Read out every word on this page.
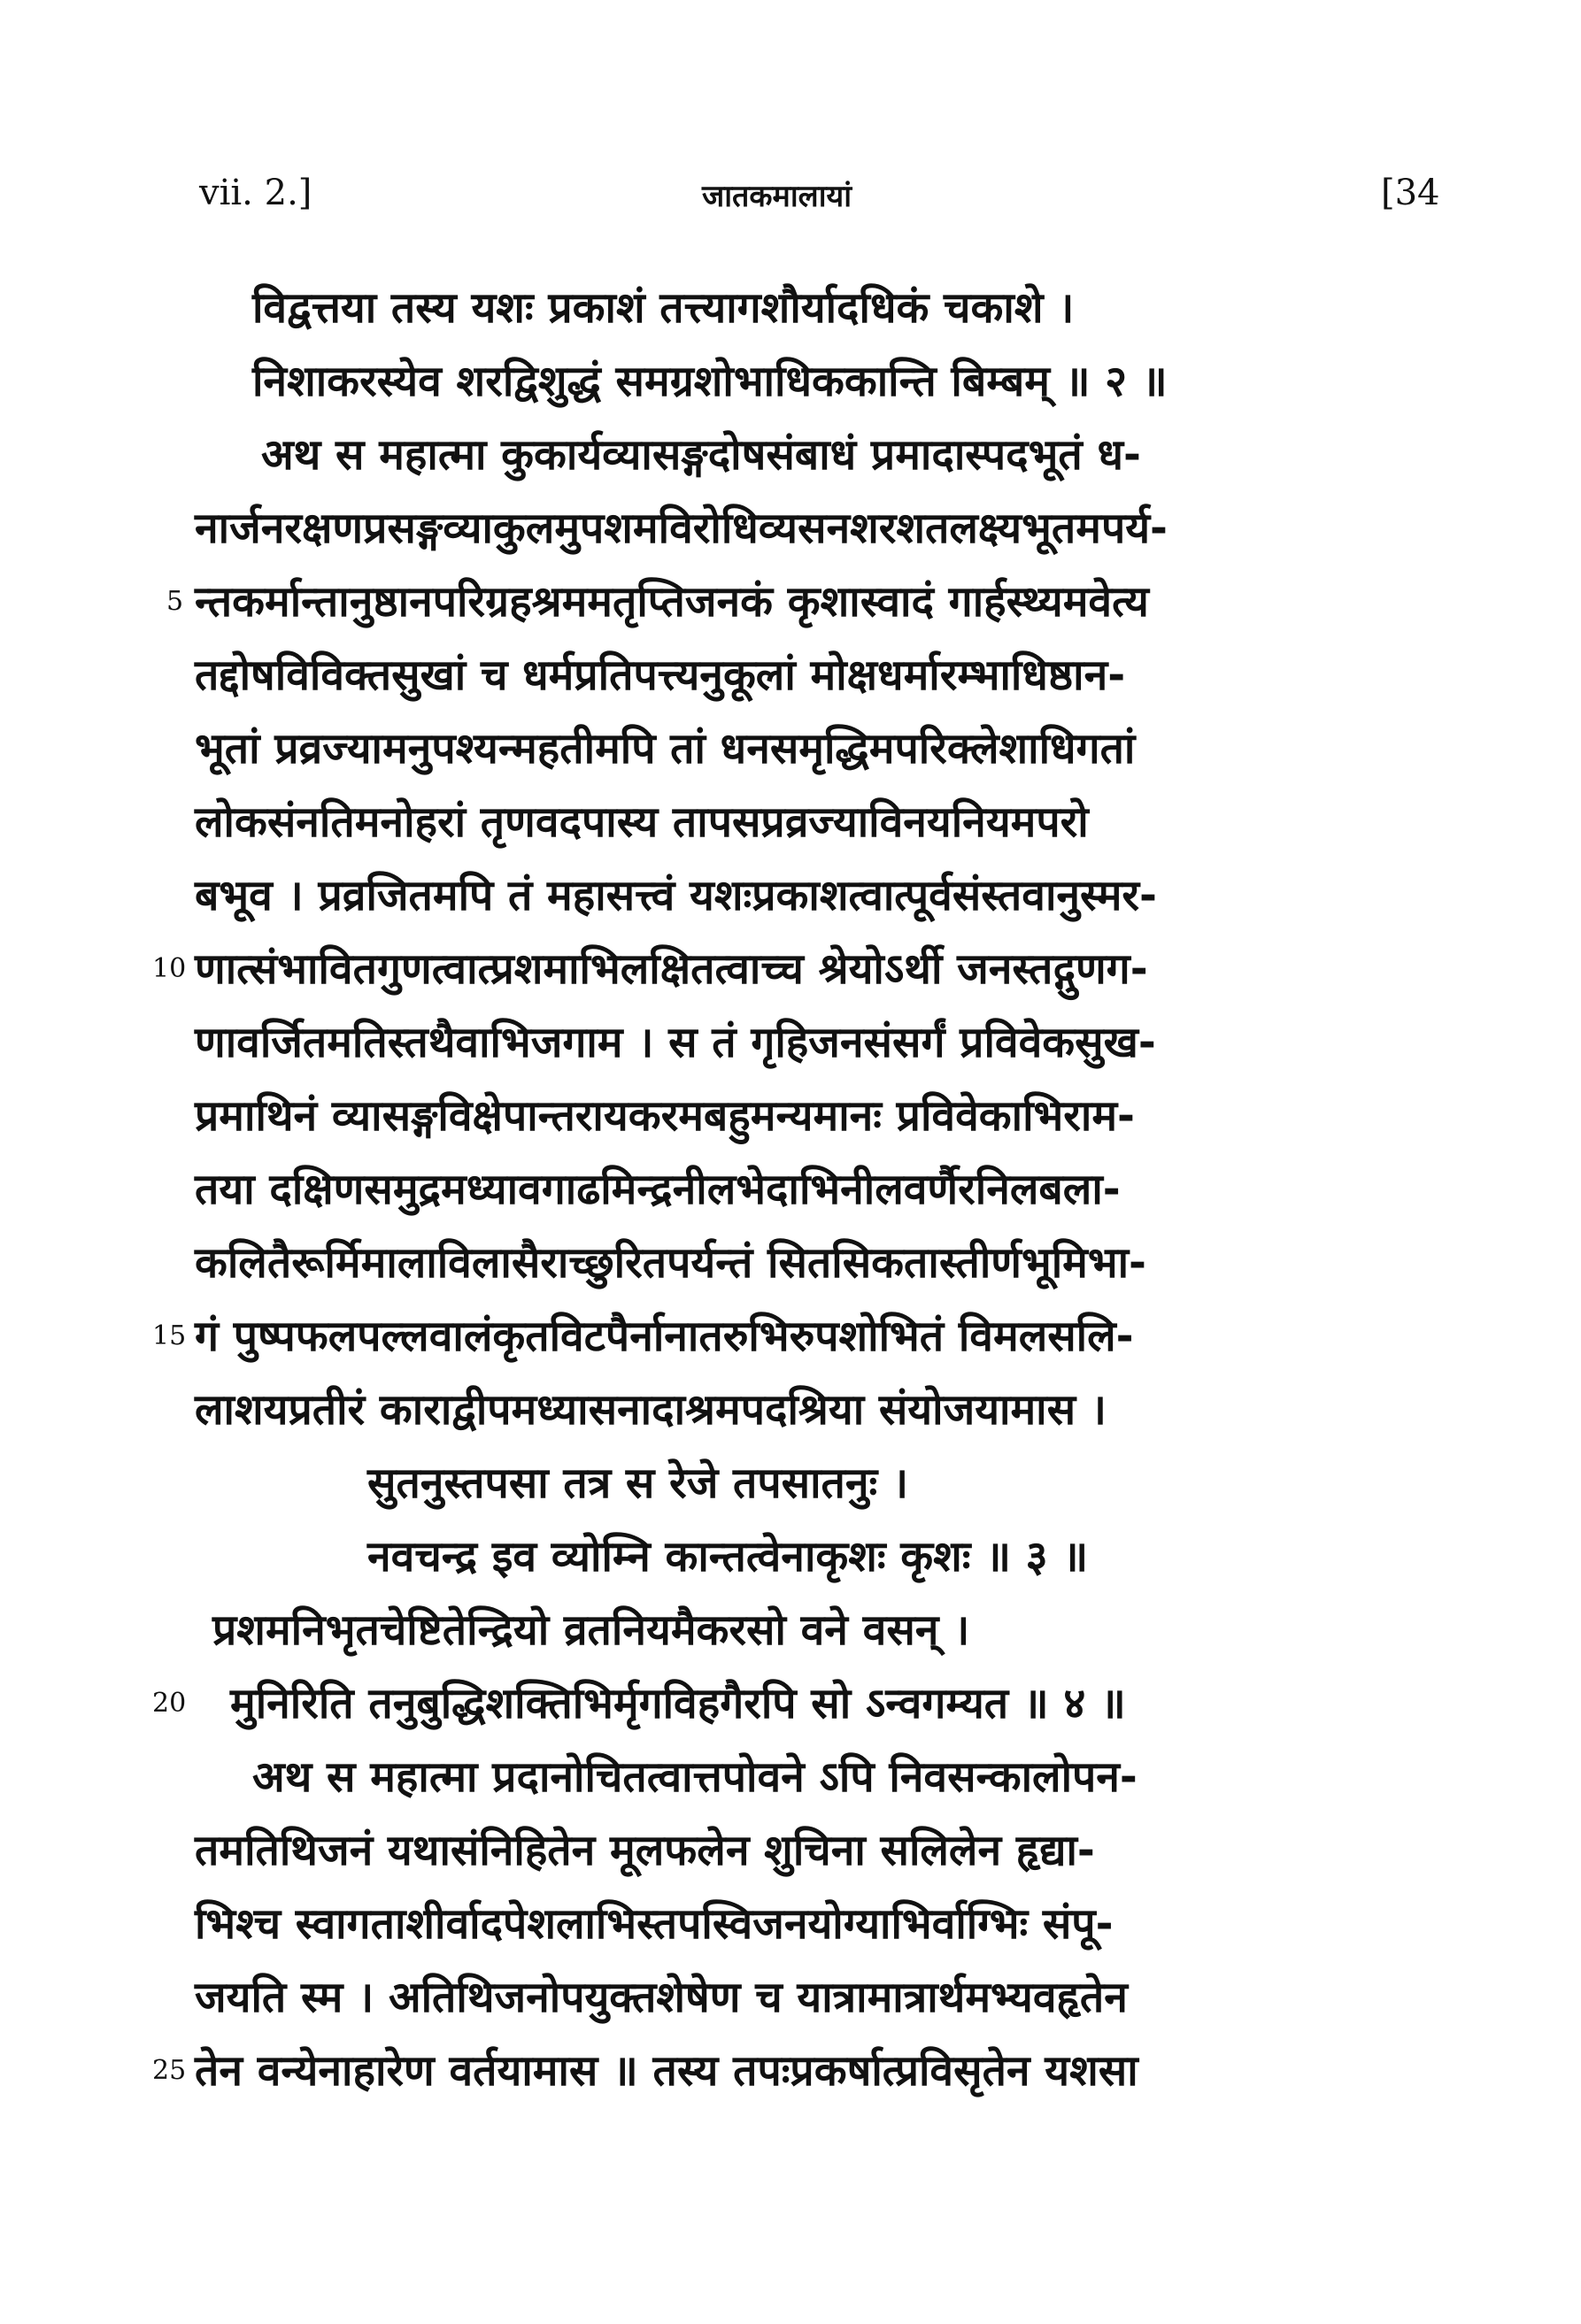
vii. 2.]	जातकमालायां	[34
विद्वत्तया तस्य यशः प्रकाशं तत्त्यागशौर्यादधिकं चकाशे ।
निशाकरस्येव शरद्विशुद्धं समग्रशोभाधिककान्ति बिम्बम् ॥ २ ॥
अथ स महात्मा कुकार्यव्यासङ्गदोषसंबाधं प्रमादास्पदभूतं ध-
नार्जनरक्षणप्रसङ्गव्याकुलमुपशमविरोधिव्यसनशरशतलक्ष्यभूतमपर्य-
न्तकर्मान्तानुष्ठानपरिग्रहश्रममतृप्तिजनकं कृशास्वादं गार्हस्थ्यमवेत्य
तद्दोषविविक्तसुखां च धर्मप्रतिपत्त्यनुकूलां मोक्षधर्मारम्भाधिष्ठान-
भूतां प्रव्रज्यामनुपश्यन्महतीमपि तां धनसमृद्धिमपरिक्लेशाधिगतां
लोकसंनतिमनोहरां तृणवदपास्य तापसप्रव्रज्याविनयनियमपरो
बभूव । प्रव्रजितमपि तं महासत्त्वं यशःप्रकाशत्वात्पूर्वसंस्तवानुस्मर-
णात्संभावितगुणत्वात्प्रशमाभिलक्षितत्वाच्च श्रेयोऽर्थी जनस्तद्गुणग-
णावर्जितमतिस्तथैवाभिजगाम । स तं गृहिजनसंसर्गं प्रविवेकसुख-
प्रमाथिनं व्यासङ्गविक्षेपान्तरायकरमबहुमन्यमानः प्रविवेकाभिराम-
तया दक्षिणसमुद्रमध्यावगाढमिन्द्रनीलभेदाभिनीलवर्णैरनिलबला-
कलितैरूर्मिमालाविलासैराच्छुरितपर्यन्तं सितसिकतास्तीर्णभूमिभा-
गं पुष्पफलपल्लवालंकृतविटपैर्नानातरुभिरुपशोभितं विमलसलि-
लाशयप्रतीरं काराद्वीपमध्यासनादाश्रमपदश्रिया संयोजयामास ।
सुतनुस्तपसा तत्र स रेजे तपसातनुः ।
नवचन्द्र इव व्योम्नि कान्तत्वेनाकृशः कृशः ॥ ३ ॥
प्रशमनिभृतचेष्टितेन्द्रियो व्रतनियमैकरसो वने वसन् ।
मुनिरिति तनुबुद्धिशक्तिभिर्मृगविहगैरपि सो ऽन्वगम्यत ॥ ४ ॥
अथ स महात्मा प्रदानोचितत्वात्तपोवने ऽपि निवसन्कालोपन-
तमतिथिजनं यथासंनिहितेन मूलफलेन शुचिना सलिलेन हृद्या-
भिश्च स्वागताशीर्वादपेशलाभिस्तपस्विजनयोग्याभिर्वाग्भिः संपू-
जयति स्म । अतिथिजनोपयुक्तशेषेण च यात्रामात्रार्थमभ्यवहृतेन
तेन वन्येनाहारेण वर्तयामास ॥ तस्य तपःप्रकर्षात्प्रविसृतेन यशसा
5
10
15
20
25
